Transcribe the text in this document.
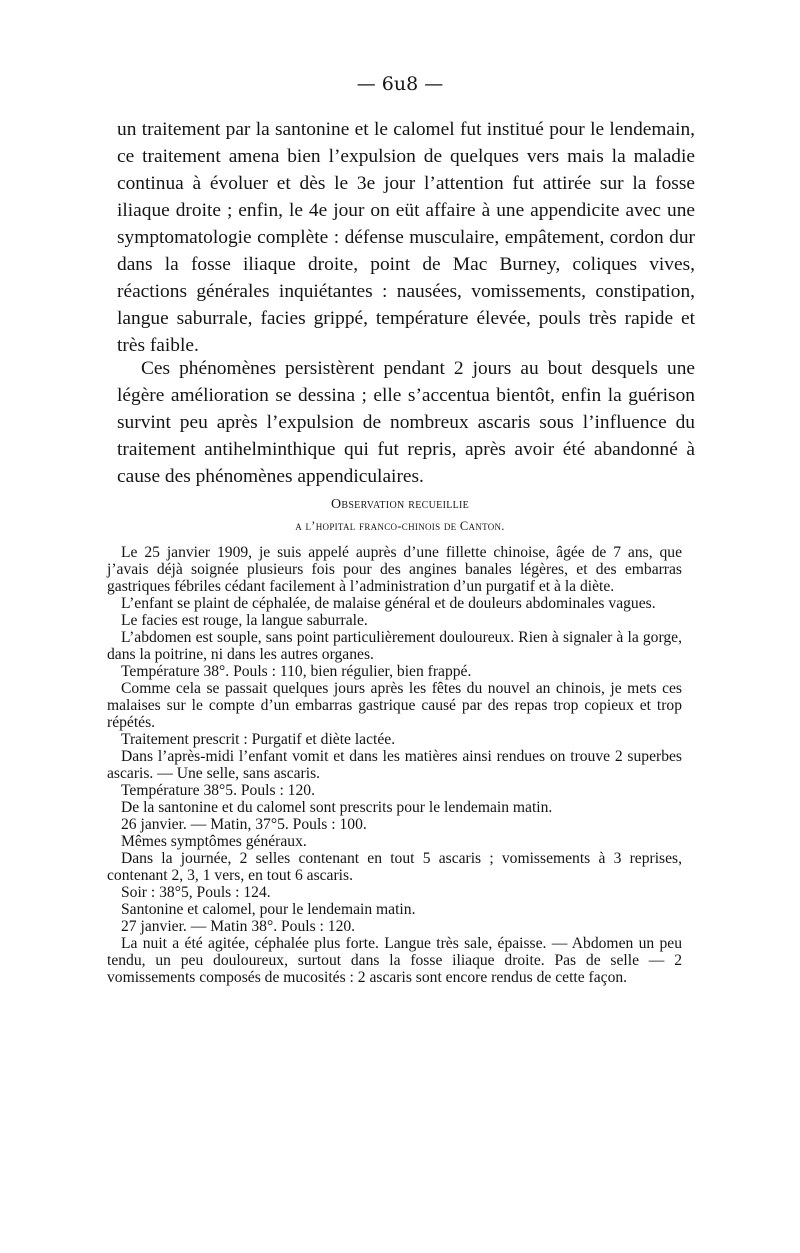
— 6u8 —

un traitement par la santonine et le calomel fut institué pour le lendemain, ce traitement amena bien l’expulsion de quelques vers mais la maladie continua à évoluer et dès le 3e jour l’attention fut attirée sur la fosse iliaque droite ; enfin, le 4e jour on eüt affaire à une appendicite avec une symptomatologie complète : défense musculaire, empâtement, cordon dur dans la fosse iliaque droite, point de Mac Burney, coliques vives, réactions générales inquiétantes : nausées, vomissements, constipation, langue saburrale, facies grippé, température élevée, pouls très rapide et très faible.

Ces phénomènes persistèrent pendant 2 jours au bout desquels une légère amélioration se dessina ; elle s’accentua bientôt, enfin la guérison survint peu après l’expulsion de nombreux ascaris sous l’influence du traitement antihelminthique qui fut repris, après avoir été abandonné à cause des phénomènes appendiculaires.

Observation recueillie
a l’hopital franco-chinois de Canton.

Le 25 janvier 1909, je suis appelé auprès d’une fillette chinoise, âgée de 7 ans, que j’avais déjà soignée plusieurs fois pour des angines banales légères, et des embarras gastriques fébriles cédant facilement à l’administration d’un purgatif et à la diète.

L’enfant se plaint de céphalée, de malaise général et de douleurs abdominales vagues.

Le facies est rouge, la langue saburrale.

L’abdomen est souple, sans point particulièrement douloureux. Rien à signaler à la gorge, dans la poitrine, ni dans les autres organes.

Température 38°. Pouls : 110, bien régulier, bien frappé.

Comme cela se passait quelques jours après les fêtes du nouvel an chinois, je mets ces malaises sur le compte d’un embarras gastrique causé par des repas trop copieux et trop répétés.

Traitement prescrit : Purgatif et diète lactée.

Dans l’après-midi l’enfant vomit et dans les matières ainsi rendues on trouve 2 superbes ascaris. — Une selle, sans ascaris.

Température 38°5. Pouls : 120.

De la santonine et du calomel sont prescrits pour le lendemain matin.

26 janvier. — Matin, 37°5. Pouls : 100.

Mêmes symptômes généraux.

Dans la journée, 2 selles contenant en tout 5 ascaris ; vomissements à 3 reprises, contenant 2, 3, 1 vers, en tout 6 ascaris.

Soir : 38°5, Pouls : 124.

Santonine et calomel, pour le lendemain matin.

27 janvier. — Matin 38°. Pouls : 120.

La nuit a été agitée, céphalée plus forte. Langue très sale, épaisse. — Abdomen un peu tendu, un peu douloureux, surtout dans la fosse iliaque droite. Pas de selle — 2 vomissements composés de mucosités : 2 ascaris sont encore rendus de cette façon.
